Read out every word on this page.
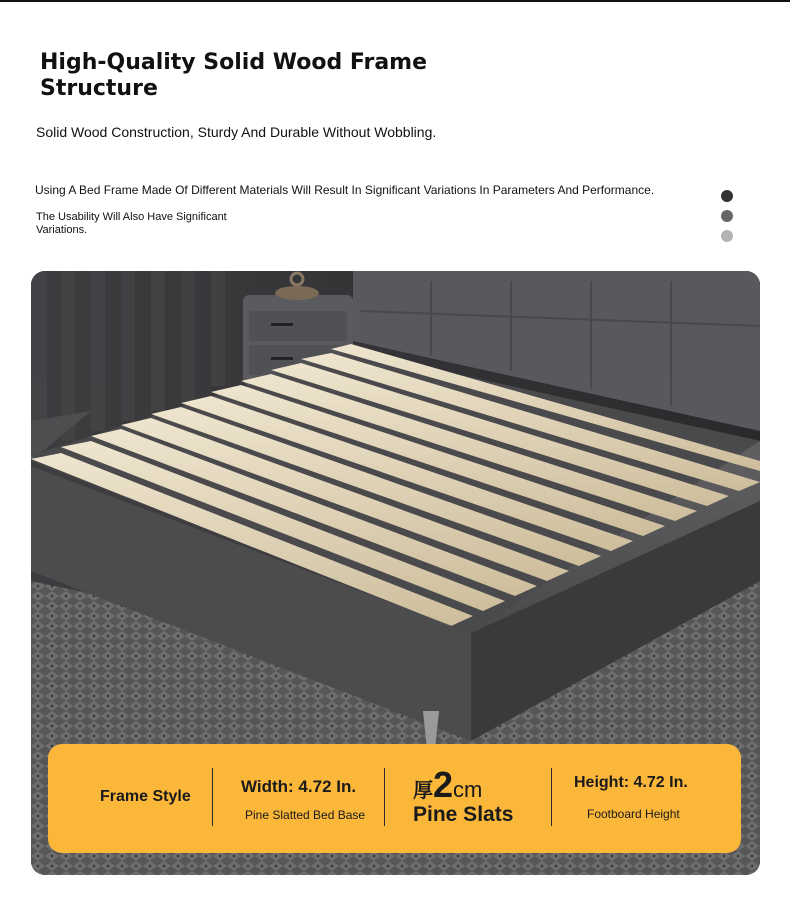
High-Quality Solid Wood Frame Structure

Solid Wood Construction, Sturdy And Durable Without Wobbling.

Using A Bed Frame Made Of Different Materials Will Result In Significant Variations In Parameters And Performance.

The Usability Will Also Have Significant Variations.

Frame Style
Width: 4.72 In.
Pine Slatted Bed Base
厚2cm
Pine Slats
Height: 4.72 In.
Footboard Height
